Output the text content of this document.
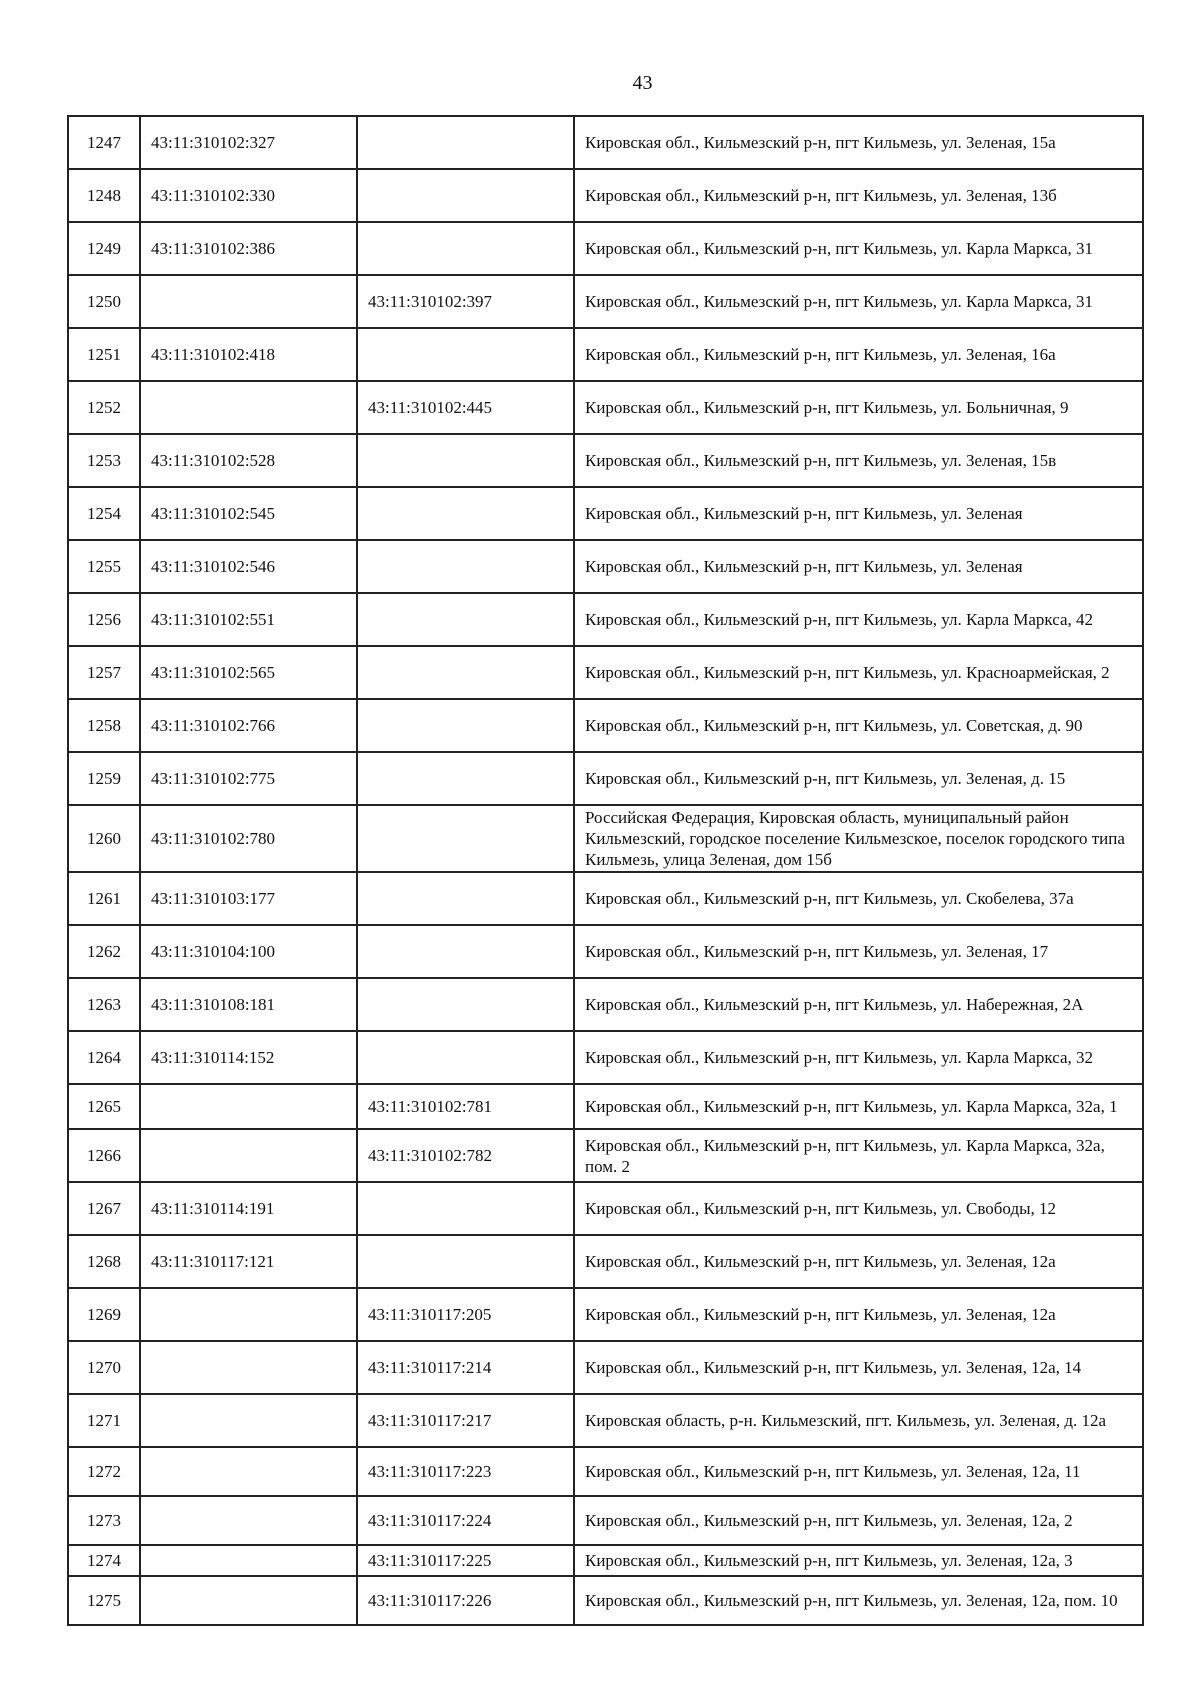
43
1247	43:11:310102:327		Кировская обл., Кильмезский р-н, пгт Кильмезь, ул. Зеленая, 15а
1248	43:11:310102:330		Кировская обл., Кильмезский р-н, пгт Кильмезь, ул. Зеленая, 13б
1249	43:11:310102:386		Кировская обл., Кильмезский р-н, пгт Кильмезь, ул. Карла Маркса, 31
1250		43:11:310102:397	Кировская обл., Кильмезский р-н, пгт Кильмезь, ул. Карла Маркса, 31
1251	43:11:310102:418		Кировская обл., Кильмезский р-н, пгт Кильмезь, ул. Зеленая, 16а
1252		43:11:310102:445	Кировская обл., Кильмезский р-н, пгт Кильмезь, ул. Больничная, 9
1253	43:11:310102:528		Кировская обл., Кильмезский р-н, пгт Кильмезь, ул. Зеленая, 15в
1254	43:11:310102:545		Кировская обл., Кильмезский р-н, пгт Кильмезь, ул. Зеленая
1255	43:11:310102:546		Кировская обл., Кильмезский р-н, пгт Кильмезь, ул. Зеленая
1256	43:11:310102:551		Кировская обл., Кильмезский р-н, пгт Кильмезь, ул. Карла Маркса, 42
1257	43:11:310102:565		Кировская обл., Кильмезский р-н, пгт Кильмезь, ул. Красноармейская, 2
1258	43:11:310102:766		Кировская обл., Кильмезский р-н, пгт Кильмезь, ул. Советская, д. 90
1259	43:11:310102:775		Кировская обл., Кильмезский р-н, пгт Кильмезь, ул. Зеленая, д. 15
1260	43:11:310102:780		Российская Федерация, Кировская область, муниципальный район Кильмезский, городское поселение Кильмезское, поселок городского типа Кильмезь, улица Зеленая, дом 15б
1261	43:11:310103:177		Кировская обл., Кильмезский р-н, пгт Кильмезь, ул. Скобелева, 37а
1262	43:11:310104:100		Кировская обл., Кильмезский р-н, пгт Кильмезь, ул. Зеленая, 17
1263	43:11:310108:181		Кировская обл., Кильмезский р-н, пгт Кильмезь, ул. Набережная, 2А
1264	43:11:310114:152		Кировская обл., Кильмезский р-н, пгт Кильмезь, ул. Карла Маркса, 32
1265		43:11:310102:781	Кировская обл., Кильмезский р-н, пгт Кильмезь, ул. Карла Маркса, 32а, 1
1266		43:11:310102:782	Кировская обл., Кильмезский р-н, пгт Кильмезь, ул. Карла Маркса, 32а, пом. 2
1267	43:11:310114:191		Кировская обл., Кильмезский р-н, пгт Кильмезь, ул. Свободы, 12
1268	43:11:310117:121		Кировская обл., Кильмезский р-н, пгт Кильмезь, ул. Зеленая, 12а
1269		43:11:310117:205	Кировская обл., Кильмезский р-н, пгт Кильмезь, ул. Зеленая, 12а
1270		43:11:310117:214	Кировская обл., Кильмезский р-н, пгт Кильмезь, ул. Зеленая, 12а, 14
1271		43:11:310117:217	Кировская область, р-н. Кильмезский, пгт. Кильмезь, ул. Зеленая, д. 12а
1272		43:11:310117:223	Кировская обл., Кильмезский р-н, пгт Кильмезь, ул. Зеленая, 12а, 11
1273		43:11:310117:224	Кировская обл., Кильмезский р-н, пгт Кильмезь, ул. Зеленая, 12а, 2
1274		43:11:310117:225	Кировская обл., Кильмезский р-н, пгт Кильмезь, ул. Зеленая, 12а, 3
1275		43:11:310117:226	Кировская обл., Кильмезский р-н, пгт Кильмезь, ул. Зеленая, 12а, пом. 10
